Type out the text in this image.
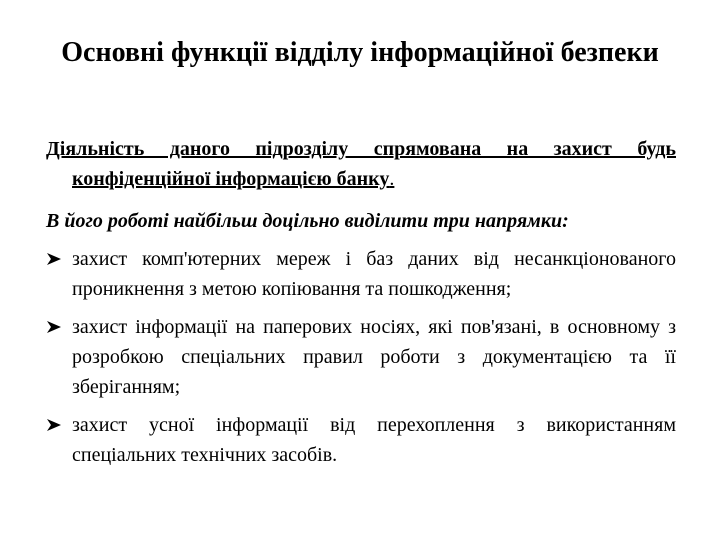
Основні функції відділу інформаційної безпеки

Діяльність даного підрозділу спрямована на захист будь конфіденційної інформацією банку.

В його роботі найбільш доцільно виділити три напрямки:

захист комп'ютерних мереж і баз даних від несанкціонованого проникнення з метою копіювання та пошкодження;
захист інформації на паперових носіях, які пов'язані, в основному з розробкою спеціальних правил роботи з документацією та її зберіганням;
захист усної інформації від перехоплення з використанням спеціальних технічних засобів.
